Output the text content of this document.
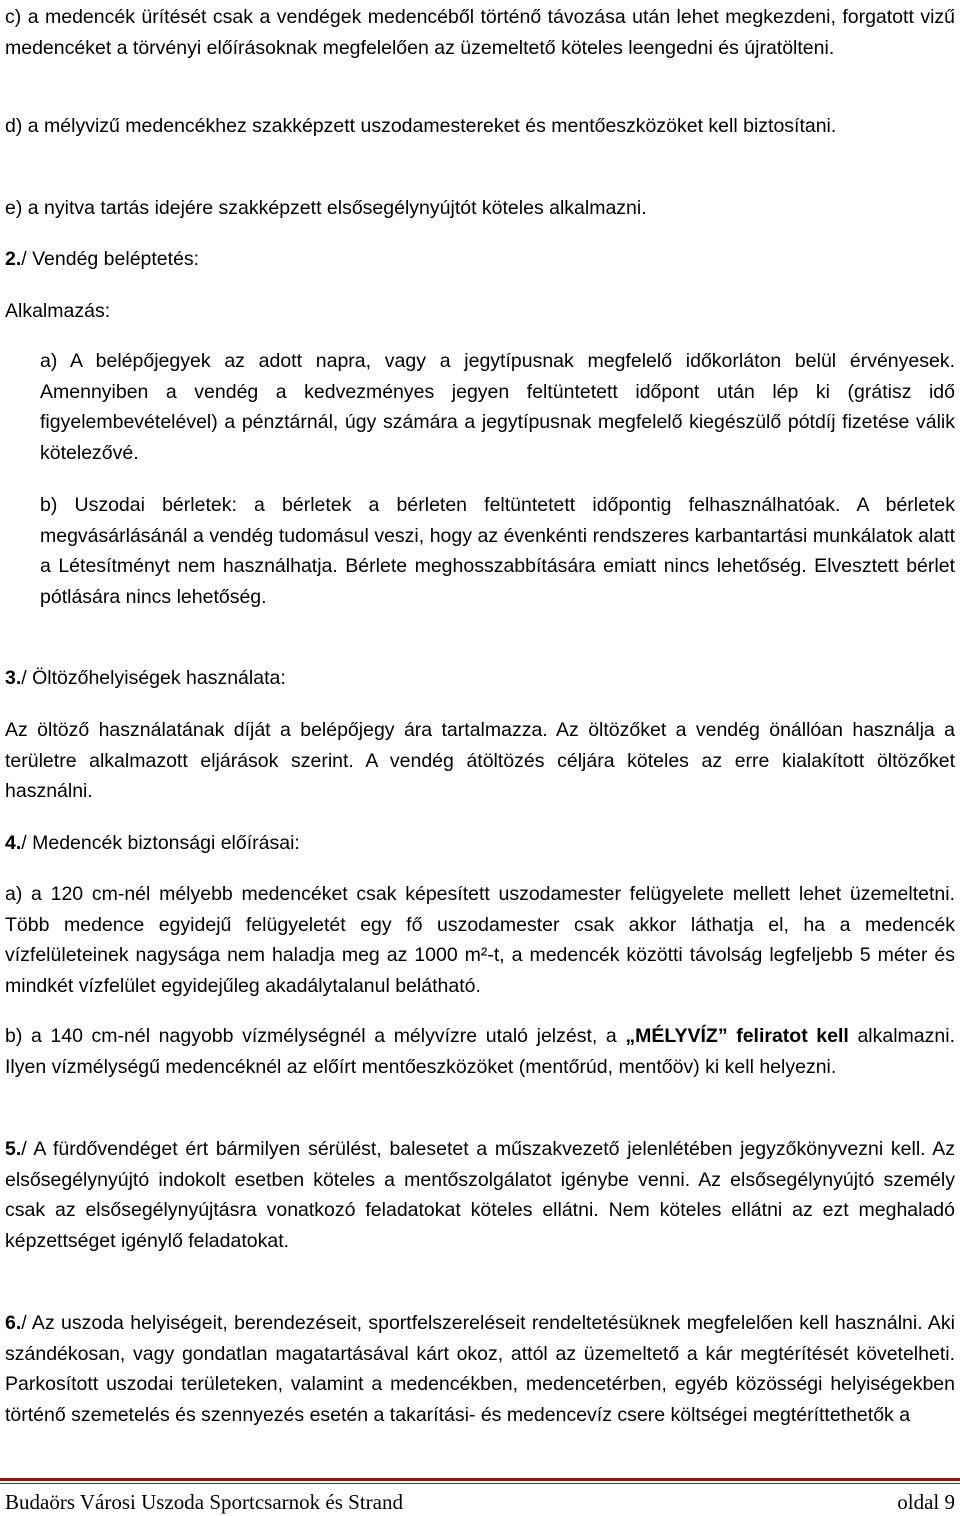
c) a medencék ürítését csak a vendégek medencéből történő távozása után lehet megkezdeni, forgatott vizű medencéket a törvényi előírásoknak megfelelően az üzemeltető köteles leengedni és újratölteni.

d) a mélyvizű medencékhez szakképzett uszodamestereket és mentőeszközöket kell biztosítani.

e) a nyitva tartás idejére szakképzett elsősegélynyújtót köteles alkalmazni.

2./ Vendég beléptetés:
Alkalmazás:

a) A belépőjegyek az adott napra, vagy a jegytípusnak megfelelő időkorláton belül érvényesek. Amennyiben a vendég a kedvezményes jegyen feltüntetett időpont után lép ki (grátisz idő figyelembevételével) a pénztárnál, úgy számára a jegytípusnak megfelelő kiegészülő pótdíj fizetése válik kötelezővé.

b) Uszodai bérletek: a bérletek a bérleten feltüntetett időpontig felhasználhatóak. A bérletek megvásárlásánál a vendég tudomásul veszi, hogy az évenkénti rendszeres karbantartási munkálatok alatt a Létesítményt nem használhatja. Bérlete meghosszabbítására emiatt nincs lehetőség. Elvesztett bérlet pótlására nincs lehetőség.

3./ Öltözőhelyiségek használata:

Az öltöző használatának díját a belépőjegy ára tartalmazza. Az öltözőket a vendég önállóan használja a területre alkalmazott eljárások szerint. A vendég átöltözés céljára köteles az erre kialakított öltözőket használni.

4./ Medencék biztonsági előírásai:

a) a 120 cm-nél mélyebb medencéket csak képesített uszodamester felügyelete mellett lehet üzemeltetni. Több medence egyidejű felügyeletét egy fő uszodamester csak akkor láthatja el, ha a medencék vízfelületeinek nagysága nem haladja meg az 1000 m²-t, a medencék közötti távolság legfeljebb 5 méter és mindkét vízfelület egyidejűleg akadálytalanul belátható.

b) a 140 cm-nél nagyobb vízmélységnél a mélyvízre utaló jelzést, a „MÉLYVÍZ” feliratot kell alkalmazni. Ilyen vízmélységű medencéknél az előírt mentőeszközöket (mentőrúd, mentőöv) ki kell helyezni.

5./ A fürdővendéget ért bármilyen sérülést, balesetet a műszakvezető jelenlétében jegyzőkönyvezni kell. Az elsősegélynyújtó indokolt esetben köteles a mentőszolgálatot igénybe venni. Az elsősegélynyújtó személy csak az elsősegélynyújtásra vonatkozó feladatokat köteles ellátni. Nem köteles ellátni az ezt meghaladó képzettséget igénylő feladatokat.

6./ Az uszoda helyiségeit, berendezéseit, sportfelszereléseit rendeltetésüknek megfelelően kell használni. Aki szándékosan, vagy gondatlan magatartásával kárt okoz, attól az üzemeltető a kár megtérítését követelheti. Parkosított uszodai területeken, valamint a medencékben, medencetérben, egyéb közösségi helyiségekben történő szemetelés és szennyezés esetén a takarítási- és medencevíz csere költségei megtéríttethetők a

Budaörs Városi Uszoda Sportcsarnok és Strand	oldal 9
